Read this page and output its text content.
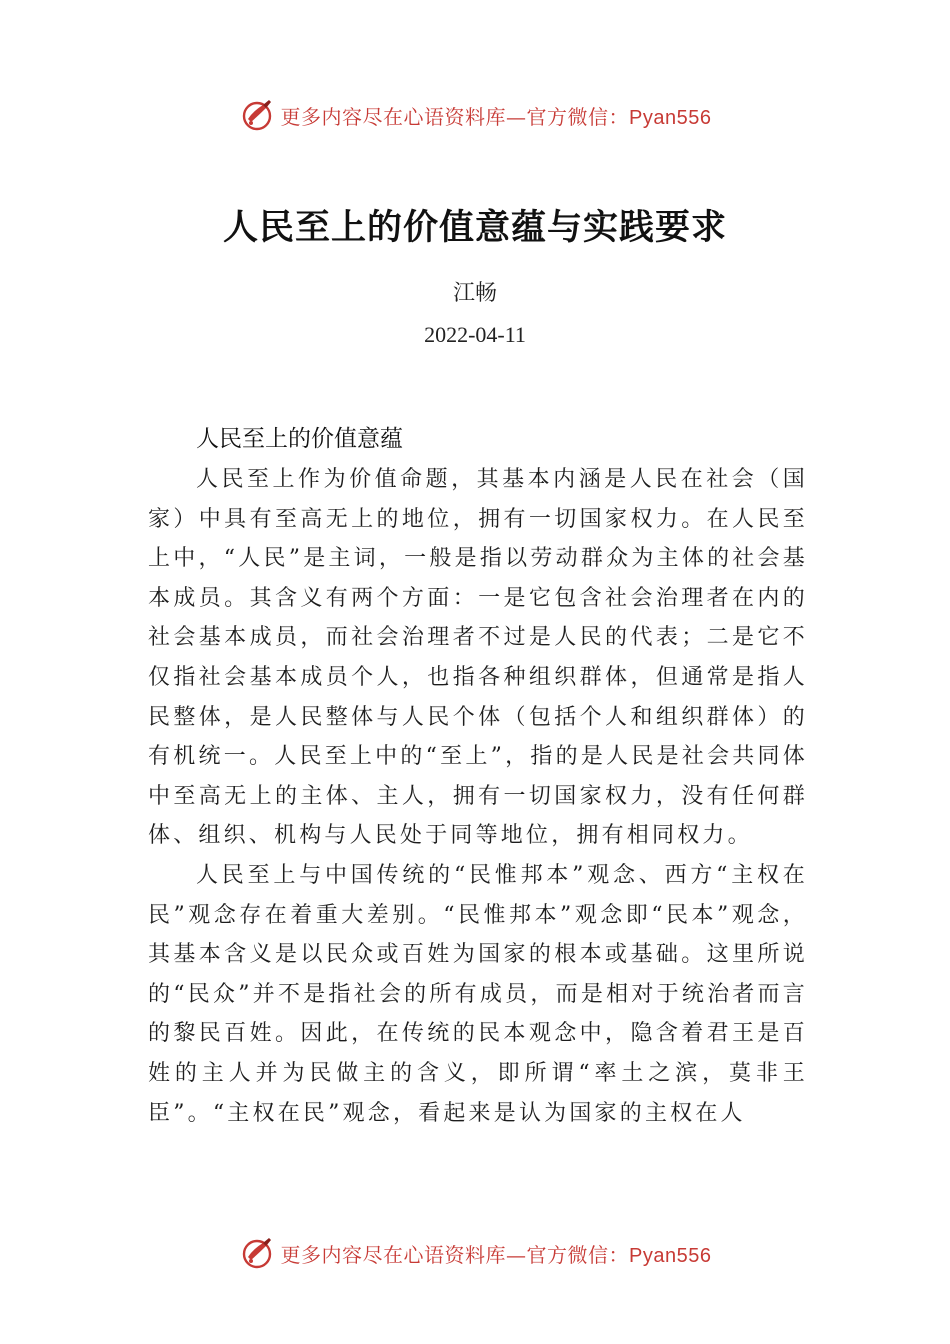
更多内容尽在心语资料库—官方微信：Pyan556
人民至上的价值意蕴与实践要求
江畅
2022-04-11
人民至上的价值意蕴

人民至上作为价值命题，其基本内涵是人民在社会（国家）中具有至高无上的地位，拥有一切国家权力。在人民至上中，“人民”是主词，一般是指以劳动群众为主体的社会基本成员。其含义有两个方面：一是它包含社会治理者在内的社会基本成员，而社会治理者不过是人民的代表；二是它不仅指社会基本成员个人，也指各种组织群体，但通常是指人民整体，是人民整体与人民个体（包括个人和组织群体）的有机统一。人民至上中的“至上”，指的是人民是社会共同体中至高无上的主体、主人，拥有一切国家权力，没有任何群体、组织、机构与人民处于同等地位，拥有相同权力。

人民至上与中国传统的“民惟邦本”观念、西方“主权在民”观念存在着重大差别。“民惟邦本”观念即“民本”观念，其基本含义是以民众或百姓为国家的根本或基础。这里所说的“民众”并不是指社会的所有成员，而是相对于统治者而言的黎民百姓。因此，在传统的民本观念中，隐含着君王是百姓的主人并为民做主的含义，即所谓“率土之滨，莫非王臣”。“主权在民”观念，看起来是认为国家的主权在人

更多内容尽在心语资料库—官方微信：Pyan556
